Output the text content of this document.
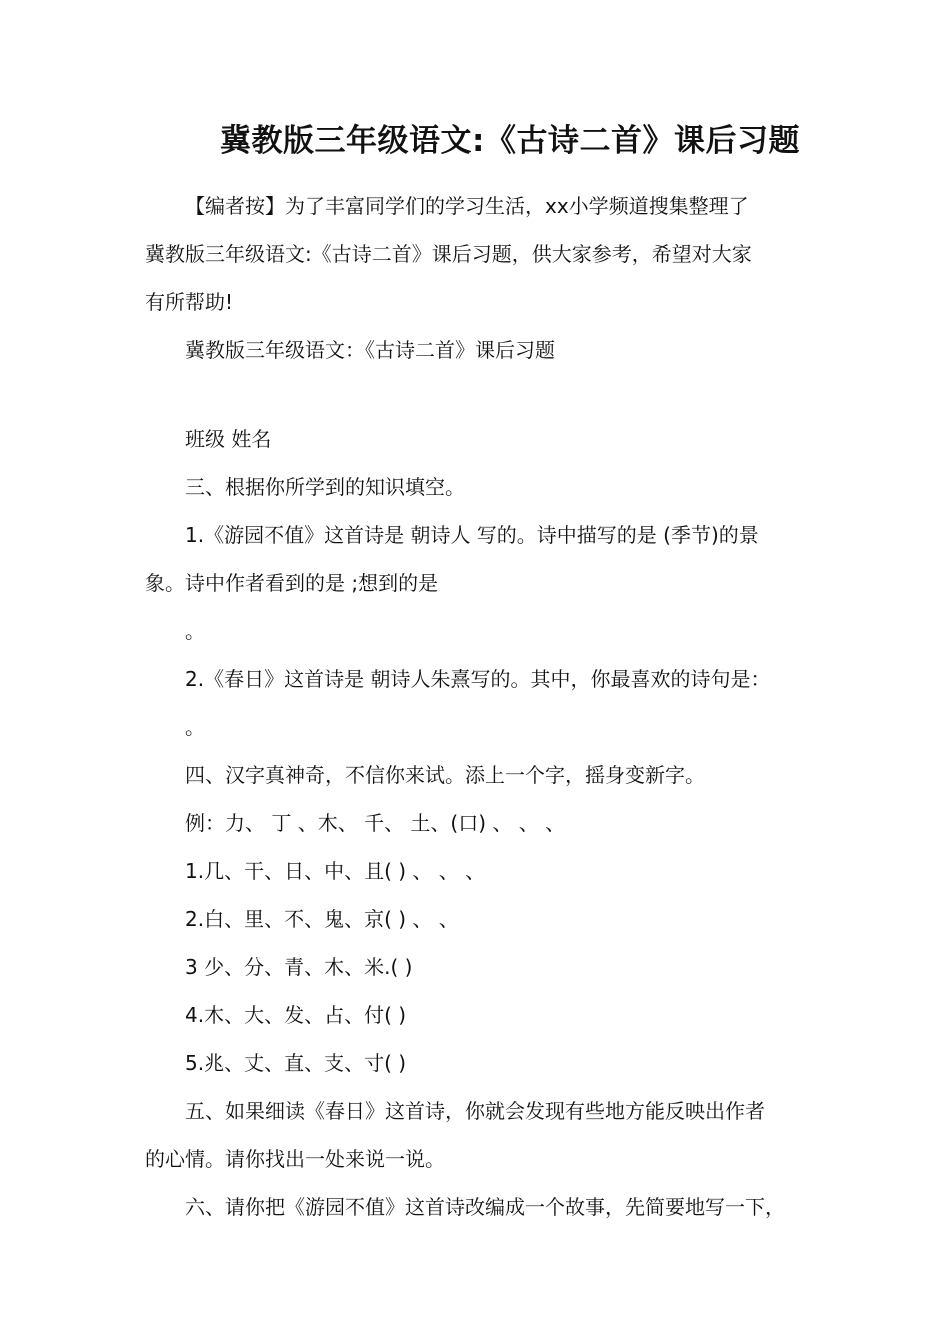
冀教版三年级语文:《古诗二首》课后习题

【编者按】为了丰富同学们的学习生活，xx小学频道搜集整理了

冀教版三年级语文:《古诗二首》课后习题，供大家参考，希望对大家

有所帮助!

冀教版三年级语文：《古诗二首》课后习题

班级 姓名

三、根据你所学到的知识填空。

1.《游园不值》这首诗是 朝诗人 写的。诗中描写的是 (季节)的景

象。诗中作者看到的是 ;想到的是

。

2.《春日》这首诗是 朝诗人朱熹写的。其中，你最喜欢的诗句是：

。

四、汉字真神奇，不信你来试。添上一个字，摇身变新字。

例：力、 丁 、木、 千、 土、(口) 、 、 、

1.几、干、日、中、且( ) 、 、 、

2.白、里、不、鬼、京( ) 、 、

3 少、分、青、木、米.( )

4.木、大、发、占、付( )

5.兆、丈、直、支、寸( )

五、如果细读《春日》这首诗，你就会发现有些地方能反映出作者

的心情。请你找出一处来说一说。

六、请你把《游园不值》这首诗改编成一个故事，先简要地写一下，
